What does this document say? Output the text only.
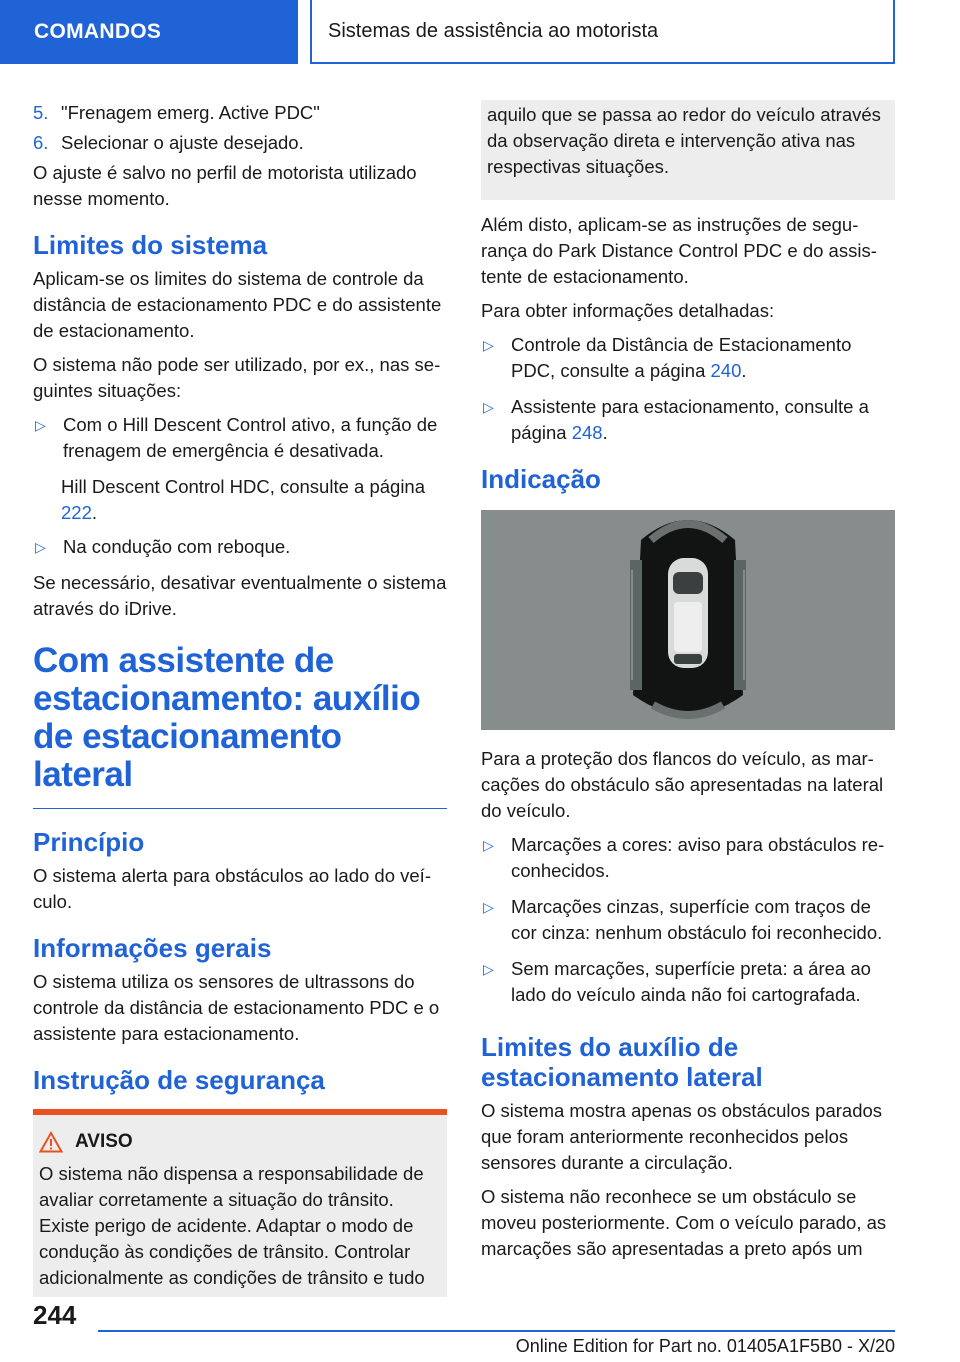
COMANDOS	Sistemas de assistência ao motorista
5. "Frenagem emerg. Active PDC"
6. Selecionar o ajuste desejado.

O ajuste é salvo no perfil de motorista utilizado nesse momento.

Limites do sistema

Aplicam-se os limites do sistema de controle da distância de estacionamento PDC e do assistente de estacionamento.

O sistema não pode ser utilizado, por ex., nas seguintes situações:

▷ Com o Hill Descent Control ativo, a função de frenagem de emergência é desativada.

Hill Descent Control HDC, consulte a página
222.

▷ Na condução com reboque.

Se necessário, desativar eventualmente o sistema através do iDrive.

Com assistente de estacionamento: auxílio de estacionamento lateral
Princípio

O sistema alerta para obstáculos ao lado do veículo.

Informações gerais

O sistema utiliza os sensores de ultrassons do controle da distância de estacionamento PDC e o assistente para estacionamento.

Instrução de segurança
AVISO

O sistema não dispensa a responsabilidade de avaliar corretamente a situação do trânsito. Existe perigo de acidente. Adaptar o modo de condução às condições de trânsito. Controlar adicionalmente as condições de trânsito e tudo

aquilo que se passa ao redor do veículo através da observação direta e intervenção ativa nas respectivas situações.

Além disto, aplicam-se as instruções de segurança do Park Distance Control PDC e do assistente de estacionamento.

Para obter informações detalhadas:

▷ Controle da Distância de Estacionamento PDC, consulte a página 240.
▷ Assistente para estacionamento, consulte a página 248.
Indicação

Para a proteção dos flancos do veículo, as marcações do obstáculo são apresentadas na lateral do veículo.

▷ Marcações a cores: aviso para obstáculos reconhecidos.
▷ Marcações cinzas, superfície com traços de cor cinza: nenhum obstáculo foi reconhecido.
▷ Sem marcações, superfície preta: a área ao lado do veículo ainda não foi cartografada.
Limites do auxílio de estacionamento lateral

O sistema mostra apenas os obstáculos parados que foram anteriormente reconhecidos pelos sensores durante a circulação.

O sistema não reconhece se um obstáculo se moveu posteriormente. Com o veículo parado, as marcações são apresentadas a preto após um

244
Online Edition for Part no. 01405A1F5B0 - X/20
